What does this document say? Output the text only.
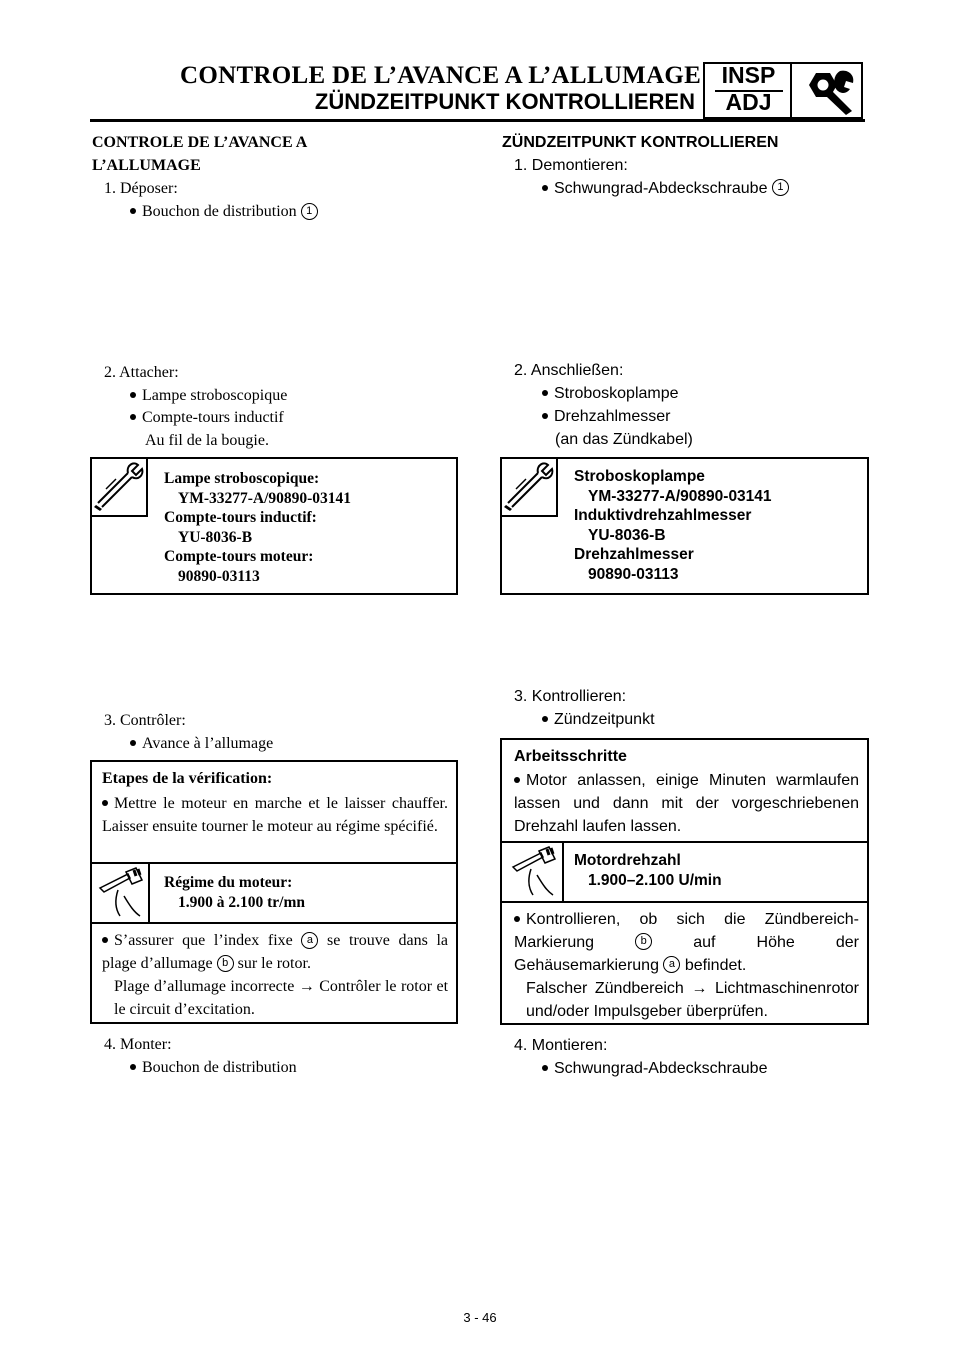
CONTROLE DE L’AVANCE A L’ALLUMAGE
ZÜNDZEITPUNKT KONTROLLIEREN
INSP
ADJ
CONTROLE DE L’AVANCE A
L’ALLUMAGE
1. Déposer:
Bouchon de distribution 1
2. Attacher:
Lampe stroboscopique
Compte-tours inductif
Au fil de la bougie.
Lampe stroboscopique:
YM-33277-A/90890-03141
Compte-tours inductif:
YU-8036-B
Compte-tours moteur:
90890-03113
3. Contrôler:
Avance à l’allumage
Etapes de la vérification:
Mettre le moteur en marche et le laisser chauffer. Laisser ensuite tourner le moteur au régime spécifié.
Régime du moteur:
1.900 à 2.100 tr/mn
S’assurer que l’index fixe a se trouve dans la plage d’allumage b sur le rotor.
Plage d’allumage incorrecte → Contrôler le rotor et le circuit d’excitation.
4. Monter:
Bouchon de distribution
ZÜNDZEITPUNKT KONTROLLIEREN
1. Demontieren:
Schwungrad-Abdeckschraube 1
2. Anschließen:
Stroboskoplampe
Drehzahlmesser
(an das Zündkabel)
Stroboskoplampe
YM-33277-A/90890-03141
Induktivdrehzahlmesser
YU-8036-B
Drehzahlmesser
90890-03113
3. Kontrollieren:
Zündzeitpunkt
Arbeitsschritte
Motor anlassen, einige Minuten warmlaufen lassen und dann mit der vorgeschriebenen Drehzahl laufen lassen.
Motordrehzahl
1.900–2.100 U/min
Kontrollieren, ob sich die Zündbereich-Markierung	b	auf Höhe der Gehäusemarkierung a befindet.
Falscher Zündbereich → Lichtmaschinenrotor und/oder Impulsgeber überprüfen.
4. Montieren:
Schwungrad-Abdeckschraube
3 - 46
